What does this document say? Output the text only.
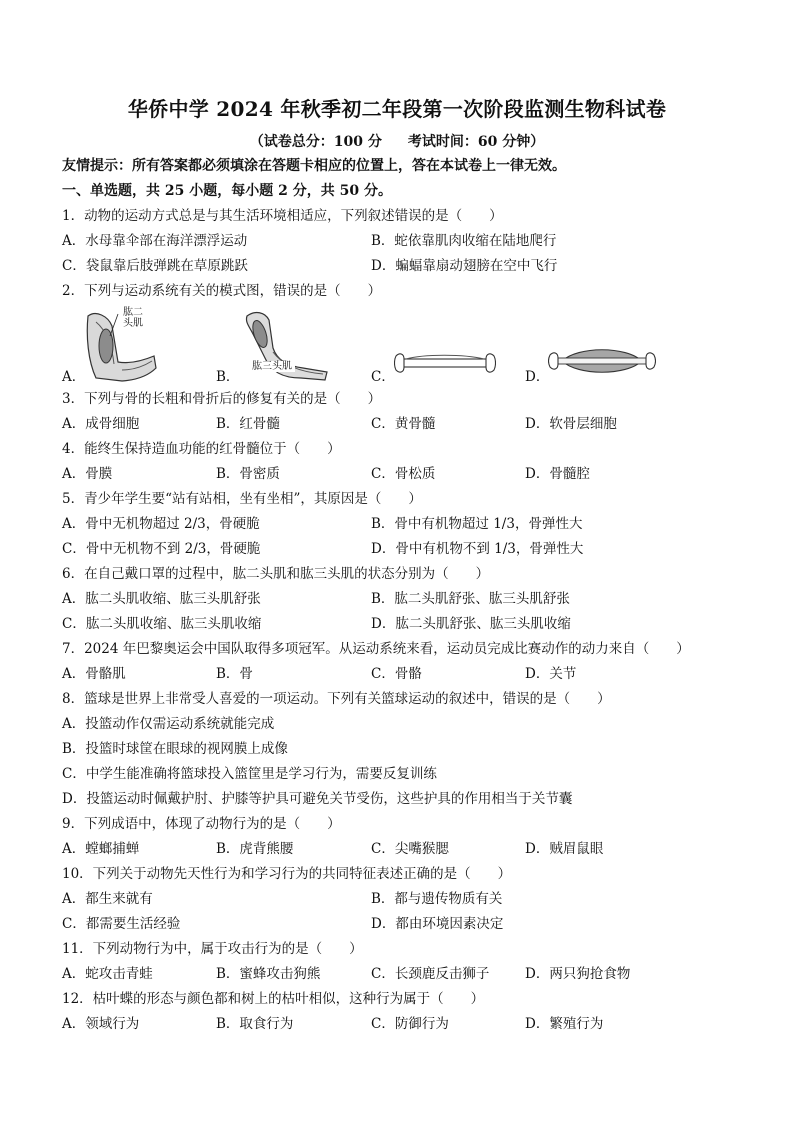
华侨中学 2024 年秋季初二年段第一次阶段监测生物科试卷
（试卷总分：100 分 考试时间：60 分钟）
友情提示：所有答案都必须填涂在答题卡相应的位置上，答在本试卷上一律无效。
一、单选题，共 25 小题，每小题 2 分，共 50 分。
1．动物的运动方式总是与其生活环境相适应，下列叙述错误的是（　　）
A．水母靠伞部在海洋漂浮运动	B．蛇依靠肌肉收缩在陆地爬行
C．袋鼠靠后肢弹跳在草原跳跃	D．蝙蝠靠扇动翅膀在空中飞行
2．下列与运动系统有关的模式图，错误的是（　　）
肱二头肌
肱三头肌
A．	B．	C．	D．
3．下列与骨的长粗和骨折后的修复有关的是（　　）
A．成骨细胞	B．红骨髓	C．黄骨髓	D．软骨层细胞
4．能终生保持造血功能的红骨髓位于（　　）
A．骨膜	B．骨密质	C．骨松质	D．骨髓腔
5．青少年学生要“站有站相，坐有坐相”，其原因是（　　）
A．骨中无机物超过 2/3，骨硬脆	B．骨中有机物超过 1/3，骨弹性大
C．骨中无机物不到 2/3，骨硬脆	D．骨中有机物不到 1/3，骨弹性大
6．在自己戴口罩的过程中，肱二头肌和肱三头肌的状态分别为（　　）
A．肱二头肌收缩、肱三头肌舒张	B．肱二头肌舒张、肱三头肌舒张
C．肱二头肌收缩、肱三头肌收缩	D．肱二头肌舒张、肱三头肌收缩
7．2024 年巴黎奥运会中国队取得多项冠军。从运动系统来看，运动员完成比赛动作的动力来自（　　）
A．骨骼肌	B．骨	C．骨骼	D．关节
8．篮球是世界上非常受人喜爱的一项运动。下列有关篮球运动的叙述中，错误的是（　　）
A．投篮动作仅需运动系统就能完成
B．投篮时球筐在眼球的视网膜上成像
C．中学生能准确将篮球投入篮筐里是学习行为，需要反复训练
D．投篮运动时佩戴护肘、护膝等护具可避免关节受伤，这些护具的作用相当于关节囊
9．下列成语中，体现了动物行为的是（　　）
A．螳螂捕蝉	B．虎背熊腰	C．尖嘴猴腮	D．贼眉鼠眼
10．下列关于动物先天性行为和学习行为的共同特征表述正确的是（　　）
A．都生来就有	B．都与遗传物质有关
C．都需要生活经验	D．都由环境因素决定
11．下列动物行为中，属于攻击行为的是（　　）
A．蛇攻击青蛙	B．蜜蜂攻击狗熊	C．长颈鹿反击狮子	D．两只狗抢食物
12．枯叶蝶的形态与颜色都和树上的枯叶相似，这种行为属于（　　）
A．领域行为	B．取食行为	C．防御行为	D．繁殖行为
